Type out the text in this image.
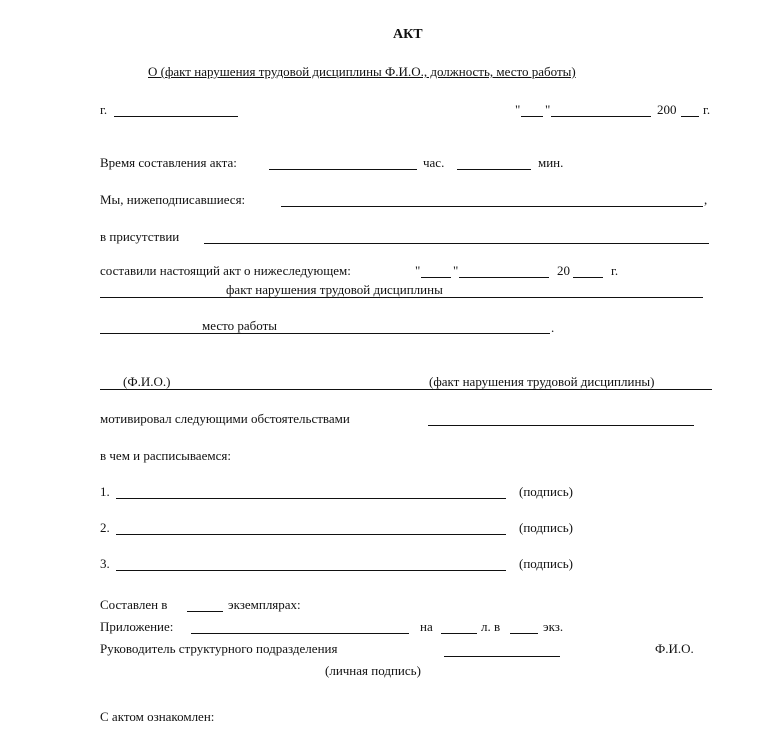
АКТ
О (факт нарушения трудовой дисциплины Ф.И.О., должность, место работы)
г.	" "	200 г.
Время составления акта:	час.	мин.
Мы, нижеподписавшиеся:	,
в присутствии
составили настоящий акт о нижеследующем:	"	"	20	г.
факт нарушения трудовой дисциплины
место работы	.
(Ф.И.О.)	(факт нарушения трудовой дисциплины)
мотивировал следующими обстоятельствами
в чем и расписываемся:
1.	(подпись)
2.	(подпись)
3.	(подпись)
Составлен в	экземплярах:
Приложение:	на	л. в	экз.
Руководитель структурного подразделения	Ф.И.О.
(личная подпись)
С актом ознакомлен:
